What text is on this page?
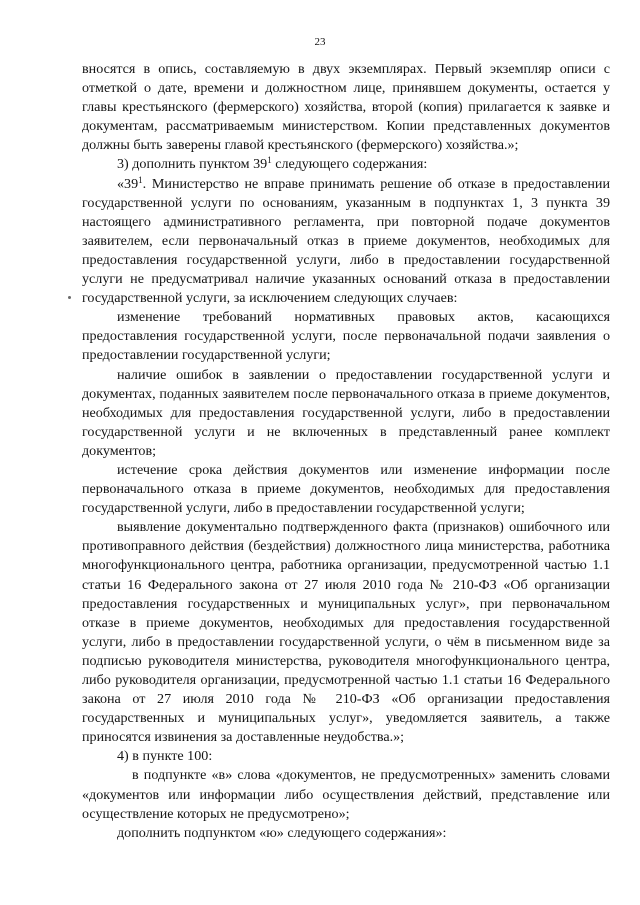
23

вносятся в опись, составляемую в двух экземплярах. Первый экземпляр описи с отметкой о дате, времени и должностном лице, принявшем документы, остается у главы крестьянского (фермерского) хозяйства, второй (копия) прилагается к заявке и документам, рассматриваемым министерством. Копии представленных документов должны быть заверены главой крестьянского (фермерского) хозяйства.»;

3) дополнить пунктом $39^1$ следующего содержания:

«$39^1$. Министерство не вправе принимать решение об отказе в предоставлении государственной услуги по основаниям, указанным в подпунктах 1, 3 пункта 39 настоящего административного регламента, при повторной подаче документов заявителем, если первоначальный отказ в приеме документов, необходимых для предоставления государственной услуги, либо в предоставлении государственной услуги не предусматривал наличие указанных оснований отказа в предоставлении государственной услуги, за исключением следующих случаев:

изменение требований нормативных правовых актов, касающихся предоставления государственной услуги, после первоначальной подачи заявления о предоставлении государственной услуги;

наличие ошибок в заявлении о предоставлении государственной услуги и документах, поданных заявителем после первоначального отказа в приеме документов, необходимых для предоставления государственной услуги, либо в предоставлении государственной услуги и не включенных в представленный ранее комплект документов;

истечение срока действия документов или изменение информации после первоначального отказа в приеме документов, необходимых для предоставления государственной услуги, либо в предоставлении государственной услуги;

выявление документально подтвержденного факта (признаков) ошибочного или противоправного действия (бездействия) должностного лица министерства, работника многофункционального центра, работника организации, предусмотренной частью 1.1 статьи 16 Федерального закона от 27 июля 2010 года № 210-ФЗ «Об организации предоставления государственных и муниципальных услуг», при первоначальном отказе в приеме документов, необходимых для предоставления государственной услуги, либо в предоставлении государственной услуги, о чём в письменном виде за подписью руководителя министерства, руководителя многофункционального центра, либо руководителя организации, предусмотренной частью 1.1 статьи 16 Федерального закона от 27 июля 2010 года № 210-ФЗ «Об организации предоставления государственных и муниципальных услуг», уведомляется заявитель, а также приносятся извинения за доставленные неудобства.»;

4) в пункте 100:

в подпункте «в» слова «документов, не предусмотренных» заменить словами «документов или информации либо осуществления действий, представление или осуществление которых не предусмотрено»;

дополнить подпунктом «ю» следующего содержания»:
